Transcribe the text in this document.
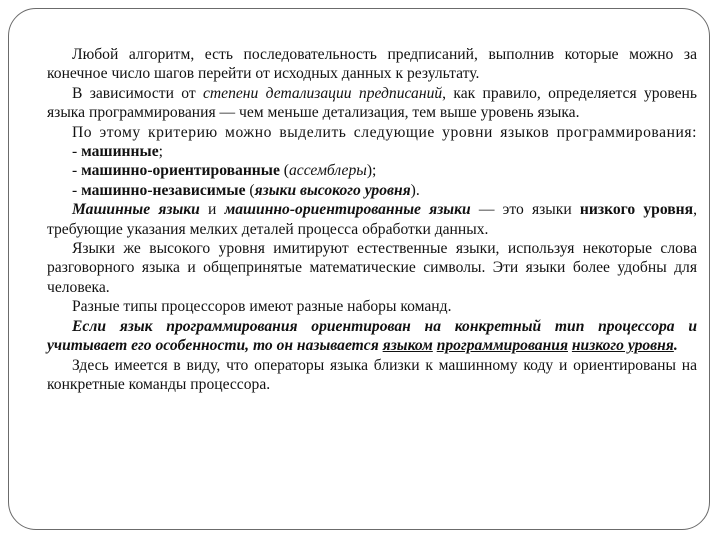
Любой алгоритм, есть последовательность предписаний, выполнив которые можно за конечное число шагов перейти от исходных данных к результату.

В зависимости от степени детализации предписаний, как правило, определяется уровень языка программирования — чем меньше детализация, тем выше уровень языка.

По этому критерию можно выделить следующие уровни языков программирования:

- машинные;

- машинно-ориентированные (ассемблеры);

- машинно-независимые (языки высокого уровня).

Машинные языки и машинно-ориентированные языки — это языки низкого уровня, требующие указания мелких деталей процесса обработки данных.

Языки же высокого уровня имитируют естественные языки, используя некоторые слова разговорного языка и общепринятые математические символы. Эти языки более удобны для человека.

Разные типы процессоров имеют разные наборы команд.

Если язык программирования ориентирован на конкретный тип процессора и учитывает его особенности, то он называется языком программирования низкого уровня.

Здесь имеется в виду, что операторы языка близки к машинному коду и ориентированы на конкретные команды процессора.
